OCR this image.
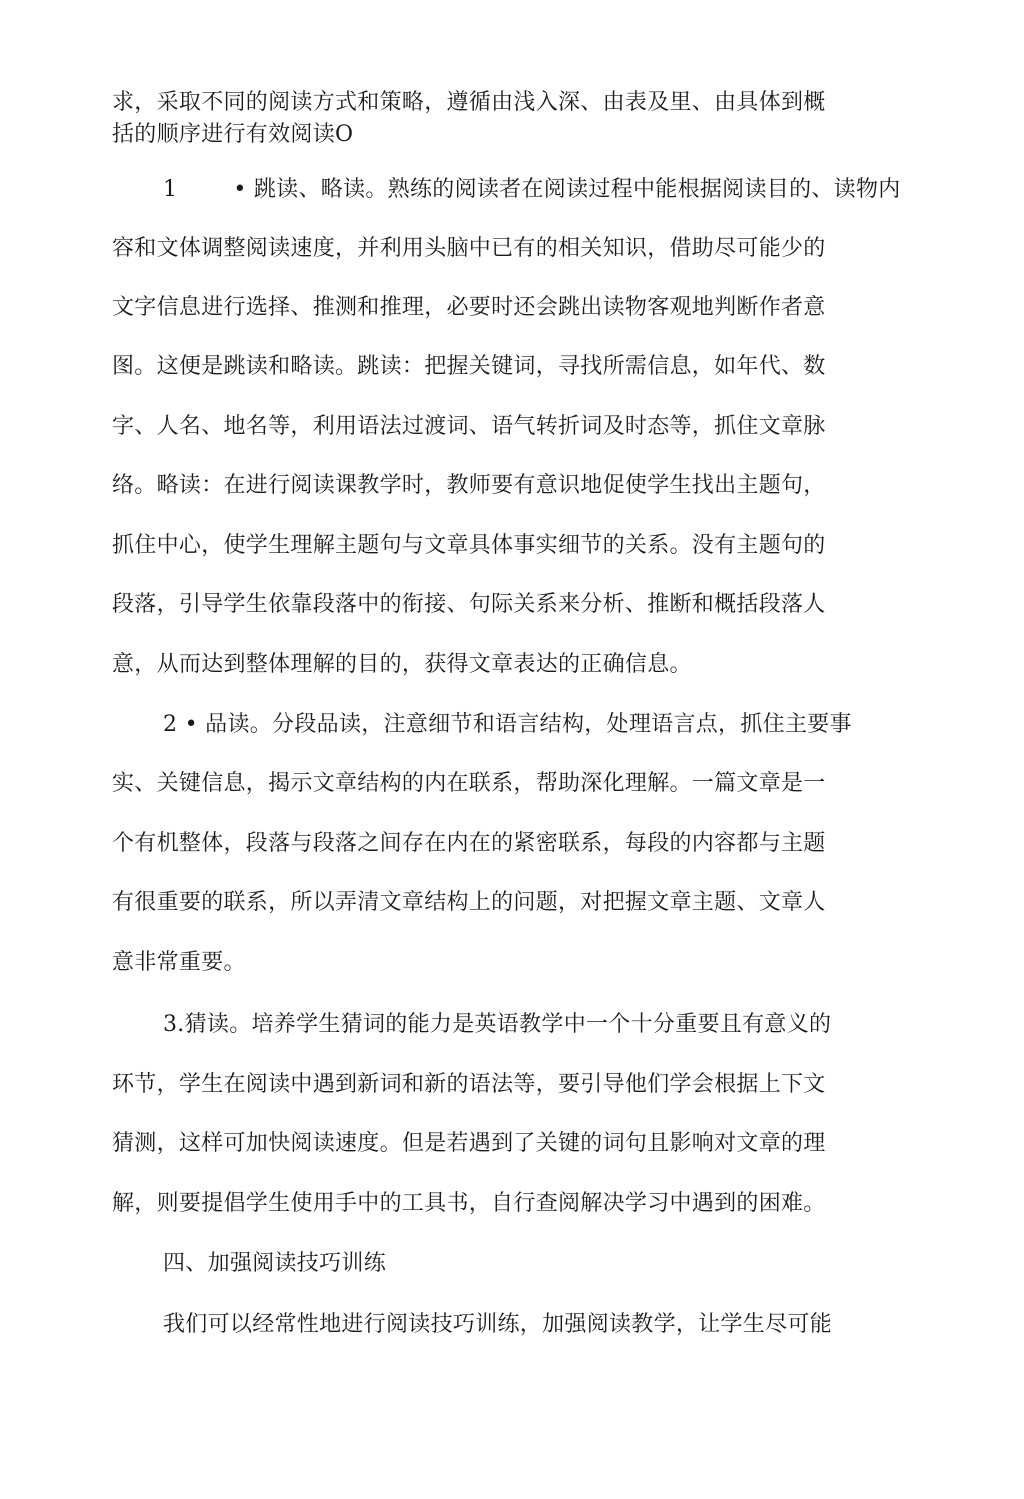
求，采取不同的阅读方式和策略，遵循由浅入深、由表及里、由具体到概
括的顺序进行有效阅读O
1	• 跳读、略读。熟练的阅读者在阅读过程中能根据阅读目的、读物内
容和文体调整阅读速度，并利用头脑中已有的相关知识，借助尽可能少的
文字信息进行选择、推测和推理，必要时还会跳出读物客观地判断作者意
图。这便是跳读和略读。跳读：把握关键词，寻找所需信息，如年代、数
字、人名、地名等，利用语法过渡词、语气转折词及时态等，抓住文章脉
络。略读：在进行阅读课教学时，教师要有意识地促使学生找出主题句，
抓住中心，使学生理解主题句与文章具体事实细节的关系。没有主题句的
段落，引导学生依靠段落中的衔接、句际关系来分析、推断和概括段落人
意，从而达到整体理解的目的，获得文章表达的正确信息。
2 • 品读。分段品读，注意细节和语言结构，处理语言点，抓住主要事
实、关键信息，揭示文章结构的内在联系，帮助深化理解。一篇文章是一
个有机整体，段落与段落之间存在内在的紧密联系，每段的内容都与主题
有很重要的联系，所以弄清文章结构上的问题，对把握文章主题、文章人
意非常重要。
3.猜读。培养学生猜词的能力是英语教学中一个十分重要且有意义的
环节，学生在阅读中遇到新词和新的语法等，要引导他们学会根据上下文
猜测，这样可加快阅读速度。但是若遇到了关键的词句且影响对文章的理
解，则要提倡学生使用手中的工具书，自行查阅解决学习中遇到的困难。
四、加强阅读技巧训练
我们可以经常性地进行阅读技巧训练，加强阅读教学，让学生尽可能
